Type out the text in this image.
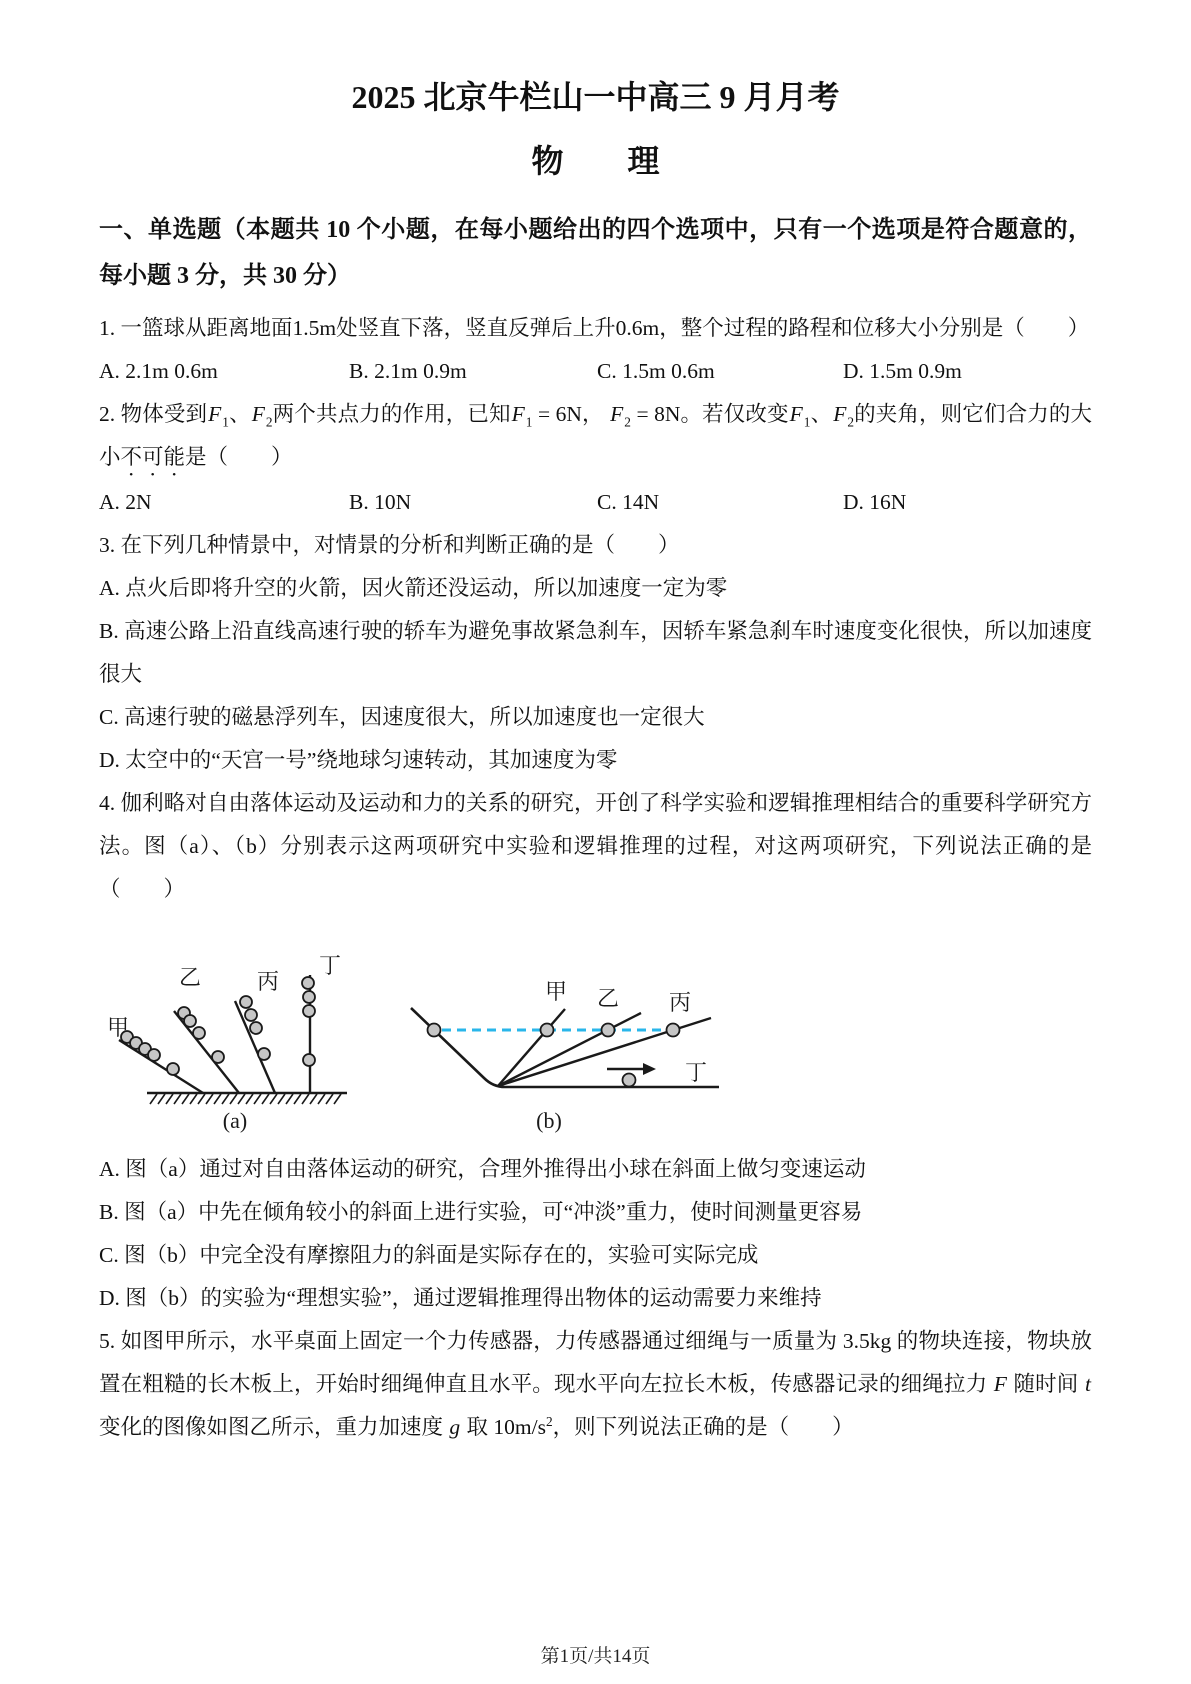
2025 北京牛栏山一中高三 9 月月考
物　　理

一、单选题（本题共 10 个小题，在每小题给出的四个选项中，只有一个选项是符合题意的，每小题 3 分，共 30 分）

1. 一篮球从距离地面1.5m处竖直下落，竖直反弹后上升0.6m，整个过程的路程和位移大小分别是（　　）

A. 2.1m 0.6m	B. 2.1m 0.9m	C. 1.5m 0.6m	D. 1.5m 0.9m

2. 物体受到$F_1$、$F_2$两个共点力的作用，已知$F_1 = 6N$， $F_2 = 8N$。若仅改变$F_1$、$F_2$的夹角，则它们合力的大小不可能是（　　）

A. 2N	B. 10N	C. 14N	D. 16N

3. 在下列几种情景中，对情景的分析和判断正确的是（　　）

A. 点火后即将升空的火箭，因火箭还没运动，所以加速度一定为零

B. 高速公路上沿直线高速行驶的轿车为避免事故紧急刹车，因轿车紧急刹车时速度变化很快，所以加速度很大

C. 高速行驶的磁悬浮列车，因速度很大，所以加速度也一定很大

D. 太空中的“天宫一号”绕地球匀速转动，其加速度为零

4. 伽利略对自由落体运动及运动和力的关系的研究，开创了科学实验和逻辑推理相结合的重要科学研究方法。图（a）、（b）分别表示这两项研究中实验和逻辑推理的过程，对这两项研究，下列说法正确的是（　　）

甲
乙	丙
丁
(a)
甲 乙 丙
丁
(b)

A. 图（a）通过对自由落体运动的研究，合理外推得出小球在斜面上做匀变速运动

B. 图（a）中先在倾角较小的斜面上进行实验，可“冲淡”重力，使时间测量更容易

C. 图（b）中完全没有摩擦阻力的斜面是实际存在的，实验可实际完成

D. 图（b）的实验为“理想实验”，通过逻辑推理得出物体的运动需要力来维持

5. 如图甲所示，水平桌面上固定一个力传感器，力传感器通过细绳与一质量为 3.5kg 的物块连接，物块放置在粗糙的长木板上，开始时细绳伸直且水平。现水平向左拉长木板，传感器记录的细绳拉力 F 随时间 t 变化的图像如图乙所示，重力加速度 g 取 $10m/s^2$，则下列说法正确的是（　　）

第1页/共14页
